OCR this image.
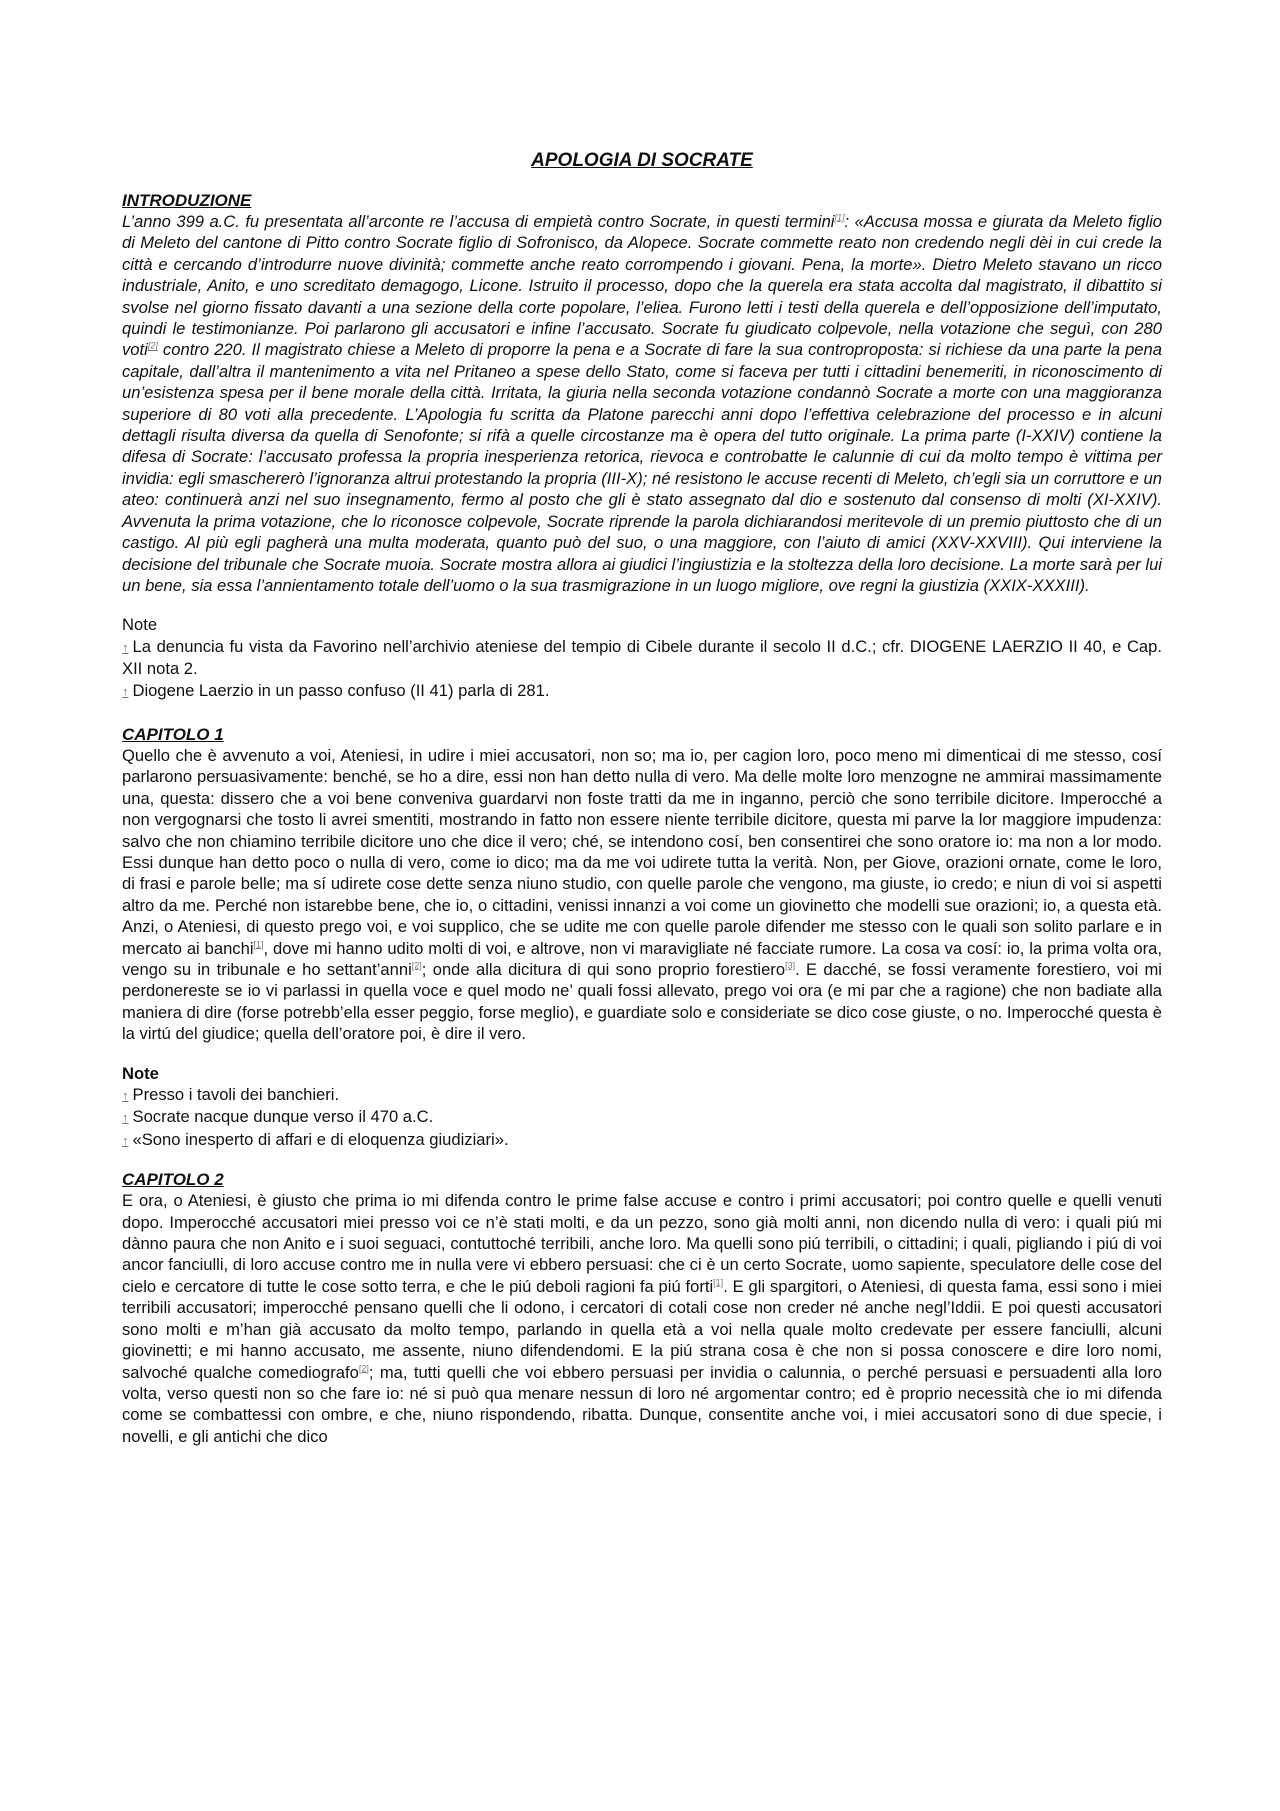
APOLOGIA DI SOCRATE

INTRODUZIONE

L’anno 399 a.C. fu presentata all’arconte re l’accusa di empietà contro Socrate, in questi termini[1]: «Accusa mossa e giurata da Meleto figlio di Meleto del cantone di Pitto contro Socrate figlio di Sofronisco, da Alopece. Socrate commette reato non credendo negli dèi in cui crede la città e cercando d’introdurre nuove divinità; commette anche reato corrompendo i giovani. Pena, la morte». Dietro Meleto stavano un ricco industriale, Anito, e uno screditato demagogo, Licone. Istruito il processo, dopo che la querela era stata accolta dal magistrato, il dibattito si svolse nel giorno fissato davanti a una sezione della corte popolare, l’eliea. Furono letti i testi della querela e dell’opposizione dell’imputato, quindi le testimonianze. Poi parlarono gli accusatori e infine l’accusato. Socrate fu giudicato colpevole, nella votazione che seguì, con 280 voti[2] contro 220. Il magistrato chiese a Meleto di proporre la pena e a Socrate di fare la sua controproposta: si richiese da una parte la pena capitale, dall’altra il mantenimento a vita nel Pritaneo a spese dello Stato, come si faceva per tutti i cittadini benemeriti, in riconoscimento di un’esistenza spesa per il bene morale della città. Irritata, la giuria nella seconda votazione condannò Socrate a morte con una maggioranza superiore di 80 voti alla precedente. L’Apologia fu scritta da Platone parecchi anni dopo l’effettiva celebrazione del processo e in alcuni dettagli risulta diversa da quella di Senofonte; si rifà a quelle circostanze ma è opera del tutto originale. La prima parte (I-XXIV) contiene la difesa di Socrate: l’accusato professa la propria inesperienza retorica, rievoca e controbatte le calunnie di cui da molto tempo è vittima per invidia: egli smaschererò l’ignoranza altrui protestando la propria (III-X); né resistono le accuse recenti di Meleto, ch’egli sia un corruttore e un ateo: continuerà anzi nel suo insegnamento, fermo al posto che gli è stato assegnato dal dio e sostenuto dal consenso di molti (XI-XXIV). Avvenuta la prima votazione, che lo riconosce colpevole, Socrate riprende la parola dichiarandosi meritevole di un premio piuttosto che di un castigo. Al più egli pagherà una multa moderata, quanto può del suo, o una maggiore, con l’aiuto di amici (XXV-XXVIII). Qui interviene la decisione del tribunale che Socrate muoia. Socrate mostra allora ai giudici l’ingiustizia e la stoltezza della loro decisione. La morte sarà per lui un bene, sia essa l’annientamento totale dell’uomo o la sua trasmigrazione in un luogo migliore, ove regni la giustizia (XXIX-XXXIII).

Note

↑ La denuncia fu vista da Favorino nell’archivio ateniese del tempio di Cibele durante il secolo II d.C.; cfr. DIOGENE LAERZIO II 40, e Cap. XII nota 2.

↑ Diogene Laerzio in un passo confuso (II 41) parla di 281.

CAPITOLO 1

Quello che è avvenuto a voi, Ateniesi, in udire i miei accusatori, non so; ma io, per cagion loro, poco meno mi dimenticai di me stesso, cosí parlarono persuasivamente: benché, se ho a dire, essi non han detto nulla di vero. Ma delle molte loro menzogne ne ammirai massimamente una, questa: dissero che a voi bene conveniva guardarvi non foste tratti da me in inganno, perciò che sono terribile dicitore. Imperocché a non vergognarsi che tosto li avrei smentiti, mostrando in fatto non essere niente terribile dicitore, questa mi parve la lor maggiore impudenza: salvo che non chiamino terribile dicitore uno che dice il vero; ché, se intendono cosí, ben consentirei che sono oratore io: ma non a lor modo. Essi dunque han detto poco o nulla di vero, come io dico; ma da me voi udirete tutta la verità. Non, per Giove, orazioni ornate, come le loro, di frasi e parole belle; ma sí udirete cose dette senza niuno studio, con quelle parole che vengono, ma giuste, io credo; e niun di voi si aspetti altro da me. Perché non istarebbe bene, che io, o cittadini, venissi innanzi a voi come un giovinetto che modelli sue orazioni; io, a questa età. Anzi, o Ateniesi, di questo prego voi, e voi supplico, che se udite me con quelle parole difender me stesso con le quali son solito parlare e in mercato ai banchi[1], dove mi hanno udito molti di voi, e altrove, non vi maravigliate né facciate rumore. La cosa va cosí: io, la prima volta ora, vengo su in tribunale e ho settant’anni[2]; onde alla dicitura di qui sono proprio forestiero[3]. E dacché, se fossi veramente forestiero, voi mi perdonereste se io vi parlassi in quella voce e quel modo ne’ quali fossi allevato, prego voi ora (e mi par che a ragione) che non badiate alla maniera di dire (forse potrebb’ella esser peggio, forse meglio), e guardiate solo e consideriate se dico cose giuste, o no. Imperocché questa è la virtú del giudice; quella dell’oratore poi, è dire il vero.

Note

↑ Presso i tavoli dei banchieri.

↑ Socrate nacque dunque verso il 470 a.C.

↑ «Sono inesperto di affari e di eloquenza giudiziari».

CAPITOLO 2

E ora, o Ateniesi, è giusto che prima io mi difenda contro le prime false accuse e contro i primi accusatori; poi contro quelle e quelli venuti dopo. Imperocché accusatori miei presso voi ce n’è stati molti, e da un pezzo, sono già molti anni, non dicendo nulla di vero: i quali piú mi dànno paura che non Anito e i suoi seguaci, contuttoché terribili, anche loro. Ma quelli sono piú terribili, o cittadini; i quali, pigliando i piú di voi ancor fanciulli, di loro accuse contro me in nulla vere vi ebbero persuasi: che ci è un certo Socrate, uomo sapiente, speculatore delle cose del cielo e cercatore di tutte le cose sotto terra, e che le piú deboli ragioni fa piú forti[1]. E gli spargitori, o Ateniesi, di questa fama, essi sono i miei terribili accusatori; imperocché pensano quelli che li odono, i cercatori di cotali cose non creder né anche negl’Iddii. E poi questi accusatori sono molti e m’han già accusato da molto tempo, parlando in quella età a voi nella quale molto credevate per essere fanciulli, alcuni giovinetti; e mi hanno accusato, me assente, niuno difendendomi. E la piú strana cosa è che non si possa conoscere e dire loro nomi, salvoché qualche comediografo[2]; ma, tutti quelli che voi ebbero persuasi per invidia o calunnia, o perché persuasi e persuadenti alla loro volta, verso questi non so che fare io: né si può qua menare nessun di loro né argomentar contro; ed è proprio necessità che io mi difenda come se combattessi con ombre, e che, niuno rispondendo, ribatta. Dunque, consentite anche voi, i miei accusatori sono di due specie, i novelli, e gli antichi che dico
